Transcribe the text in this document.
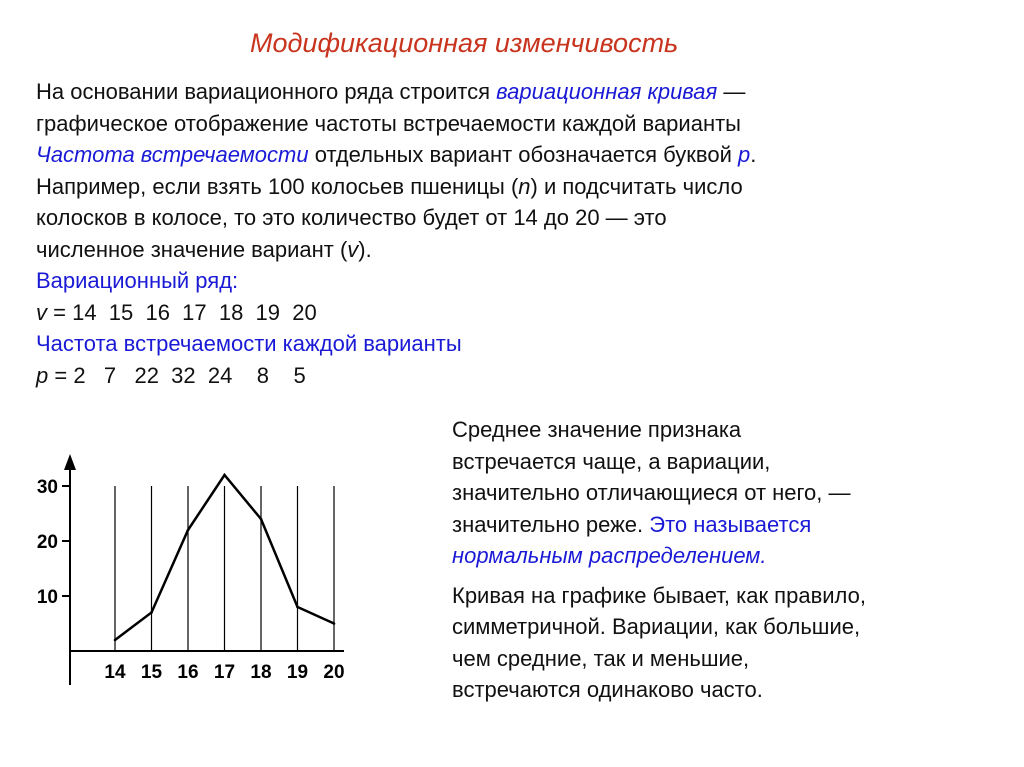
Модификационная изменчивость
На основании вариационного ряда строится вариационная кривая —
графическое отображение частоты встречаемости каждой варианты
Частота встречаемости отдельных вариант обозначается буквой р.
Например, если взять 100 колосьев пшеницы (n) и подсчитать число
колосков в колосе, то это количество будет от 14 до 20 — это
численное значение вариант (v).
Вариационный ряд:
v = 14  15  16  17  18  19  20
Частота встречаемости каждой варианты
р = 2   7   22  32  24    8    5
Среднее значение признака
встречается чаще, а вариации,
значительно отличающиеся от него, —
значительно реже. Это называется
нормальным распределением.
Кривая на графике бывает, как правило,
симметричной. Вариации, как большие,
чем средние, так и меньшие,
встречаются одинаково часто.
10
20
30
14 15 16 17 18 19 20
